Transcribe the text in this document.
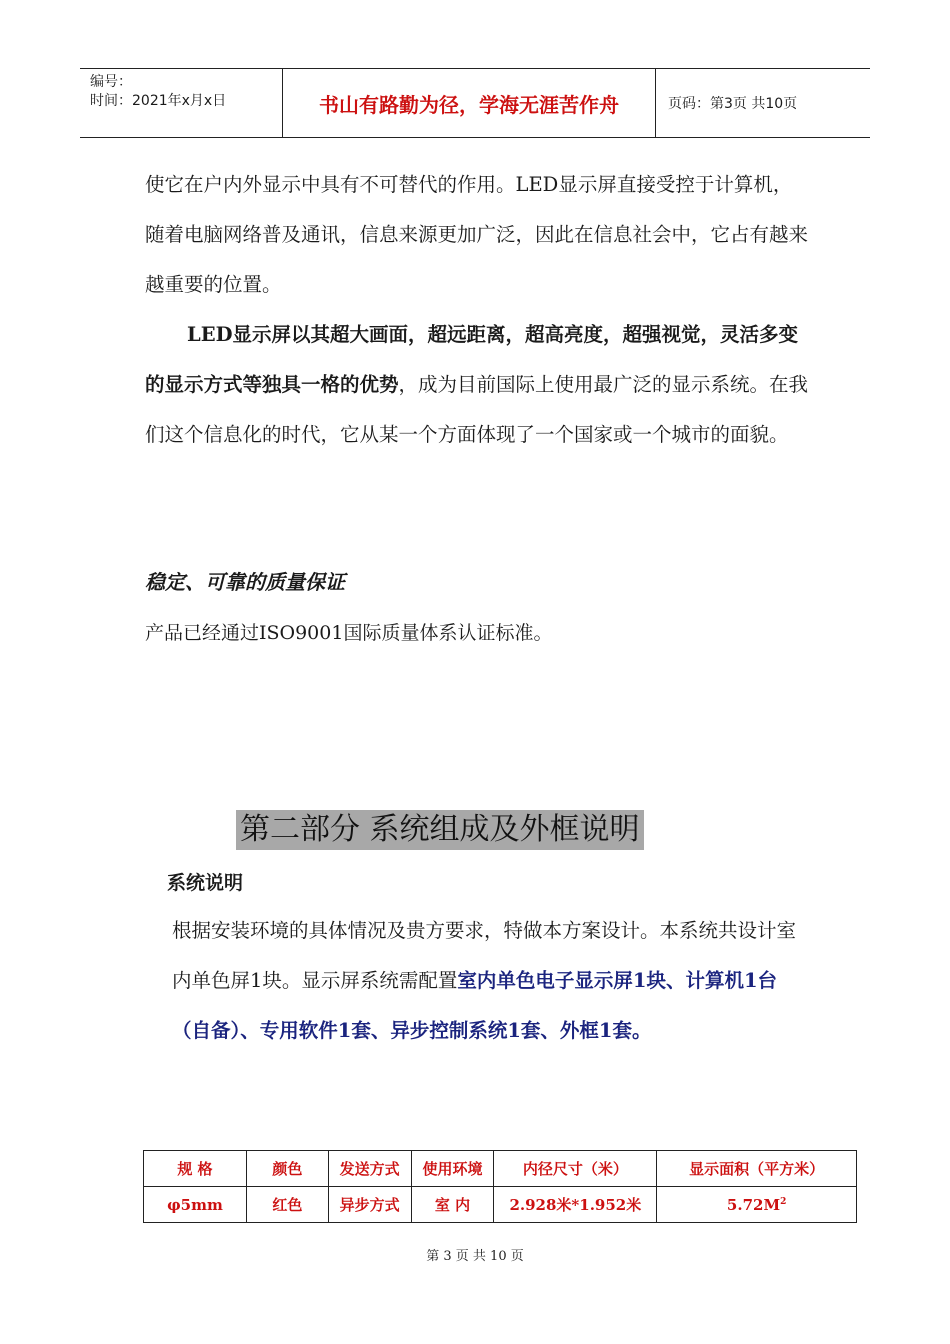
编号：
时间：2021年x月x日	书山有路勤为径，学海无涯苦作舟	页码：第3页 共10页

使它在户内外显示中具有不可替代的作用。LED显示屏直接受控于计算机，随着电脑网络普及通讯，信息来源更加广泛，因此在信息社会中，它占有越来越重要的位置。

LED显示屏以其超大画面，超远距离，超高亮度，超强视觉，灵活多变的显示方式等独具一格的优势，成为目前国际上使用最广泛的显示系统。在我们这个信息化的时代，它从某一个方面体现了一个国家或一个城市的面貌。

稳定、可靠的质量保证
产品已经通过ISO9001国际质量体系认证标准。
第二部分 系统组成及外框说明
系统说明

根据安装环境的具体情况及贵方要求，特做本方案设计。本系统共设计室内单色屏1块。显示屏系统需配置室内单色电子显示屏1块、计算机1台（自备）、专用软件1套、异步控制系统1套、外框1套。

规 格	颜色	发送方式	使用环境	内径尺寸（米）	显示面积（平方米）
φ5mm	红色	异步方式	室 内	2.928米*1.952米	$5.72M^2$
第 3 页 共 10 页
